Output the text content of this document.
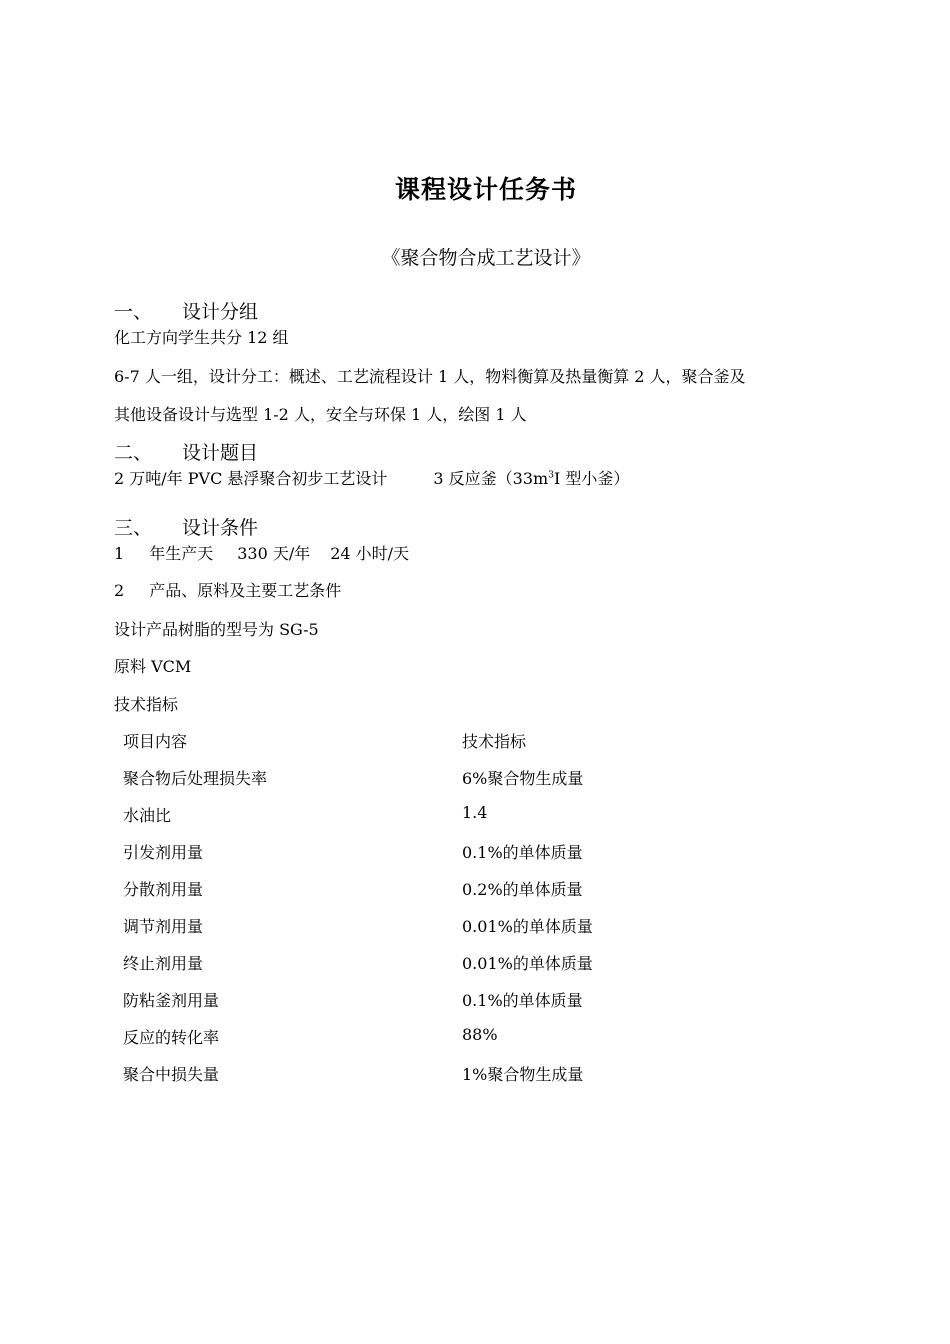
课程设计任务书
《聚合物合成工艺设计》
一、 设计分组
化工方向学生共分 12 组
6-7 人一组，设计分工：概述、工艺流程设计 1 人，物料衡算及热量衡算 2 人，聚合釜及
其他设备设计与选型 1-2 人，安全与环保 1 人，绘图 1 人
二、 设计题目
2 万吨/年 PVC 悬浮聚合初步工艺设计	3 反应釜（$33m^3Ⅰ$ 型小釜）
三、 设计条件
1 年生产天 330 天/年 24 小时/天
2 产品、原料及主要工艺条件
设计产品树脂的型号为 SG-5
原料 VCM
技术指标
项目内容	技术指标
聚合物后处理损失率	6%聚合物生成量
水油比	1.4
引发剂用量	0.1%的单体质量
分散剂用量	0.2%的单体质量
调节剂用量	0.01%的单体质量
终止剂用量	0.01%的单体质量
防粘釜剂用量	0.1%的单体质量
反应的转化率	88%
聚合中损失量	1%聚合物生成量
